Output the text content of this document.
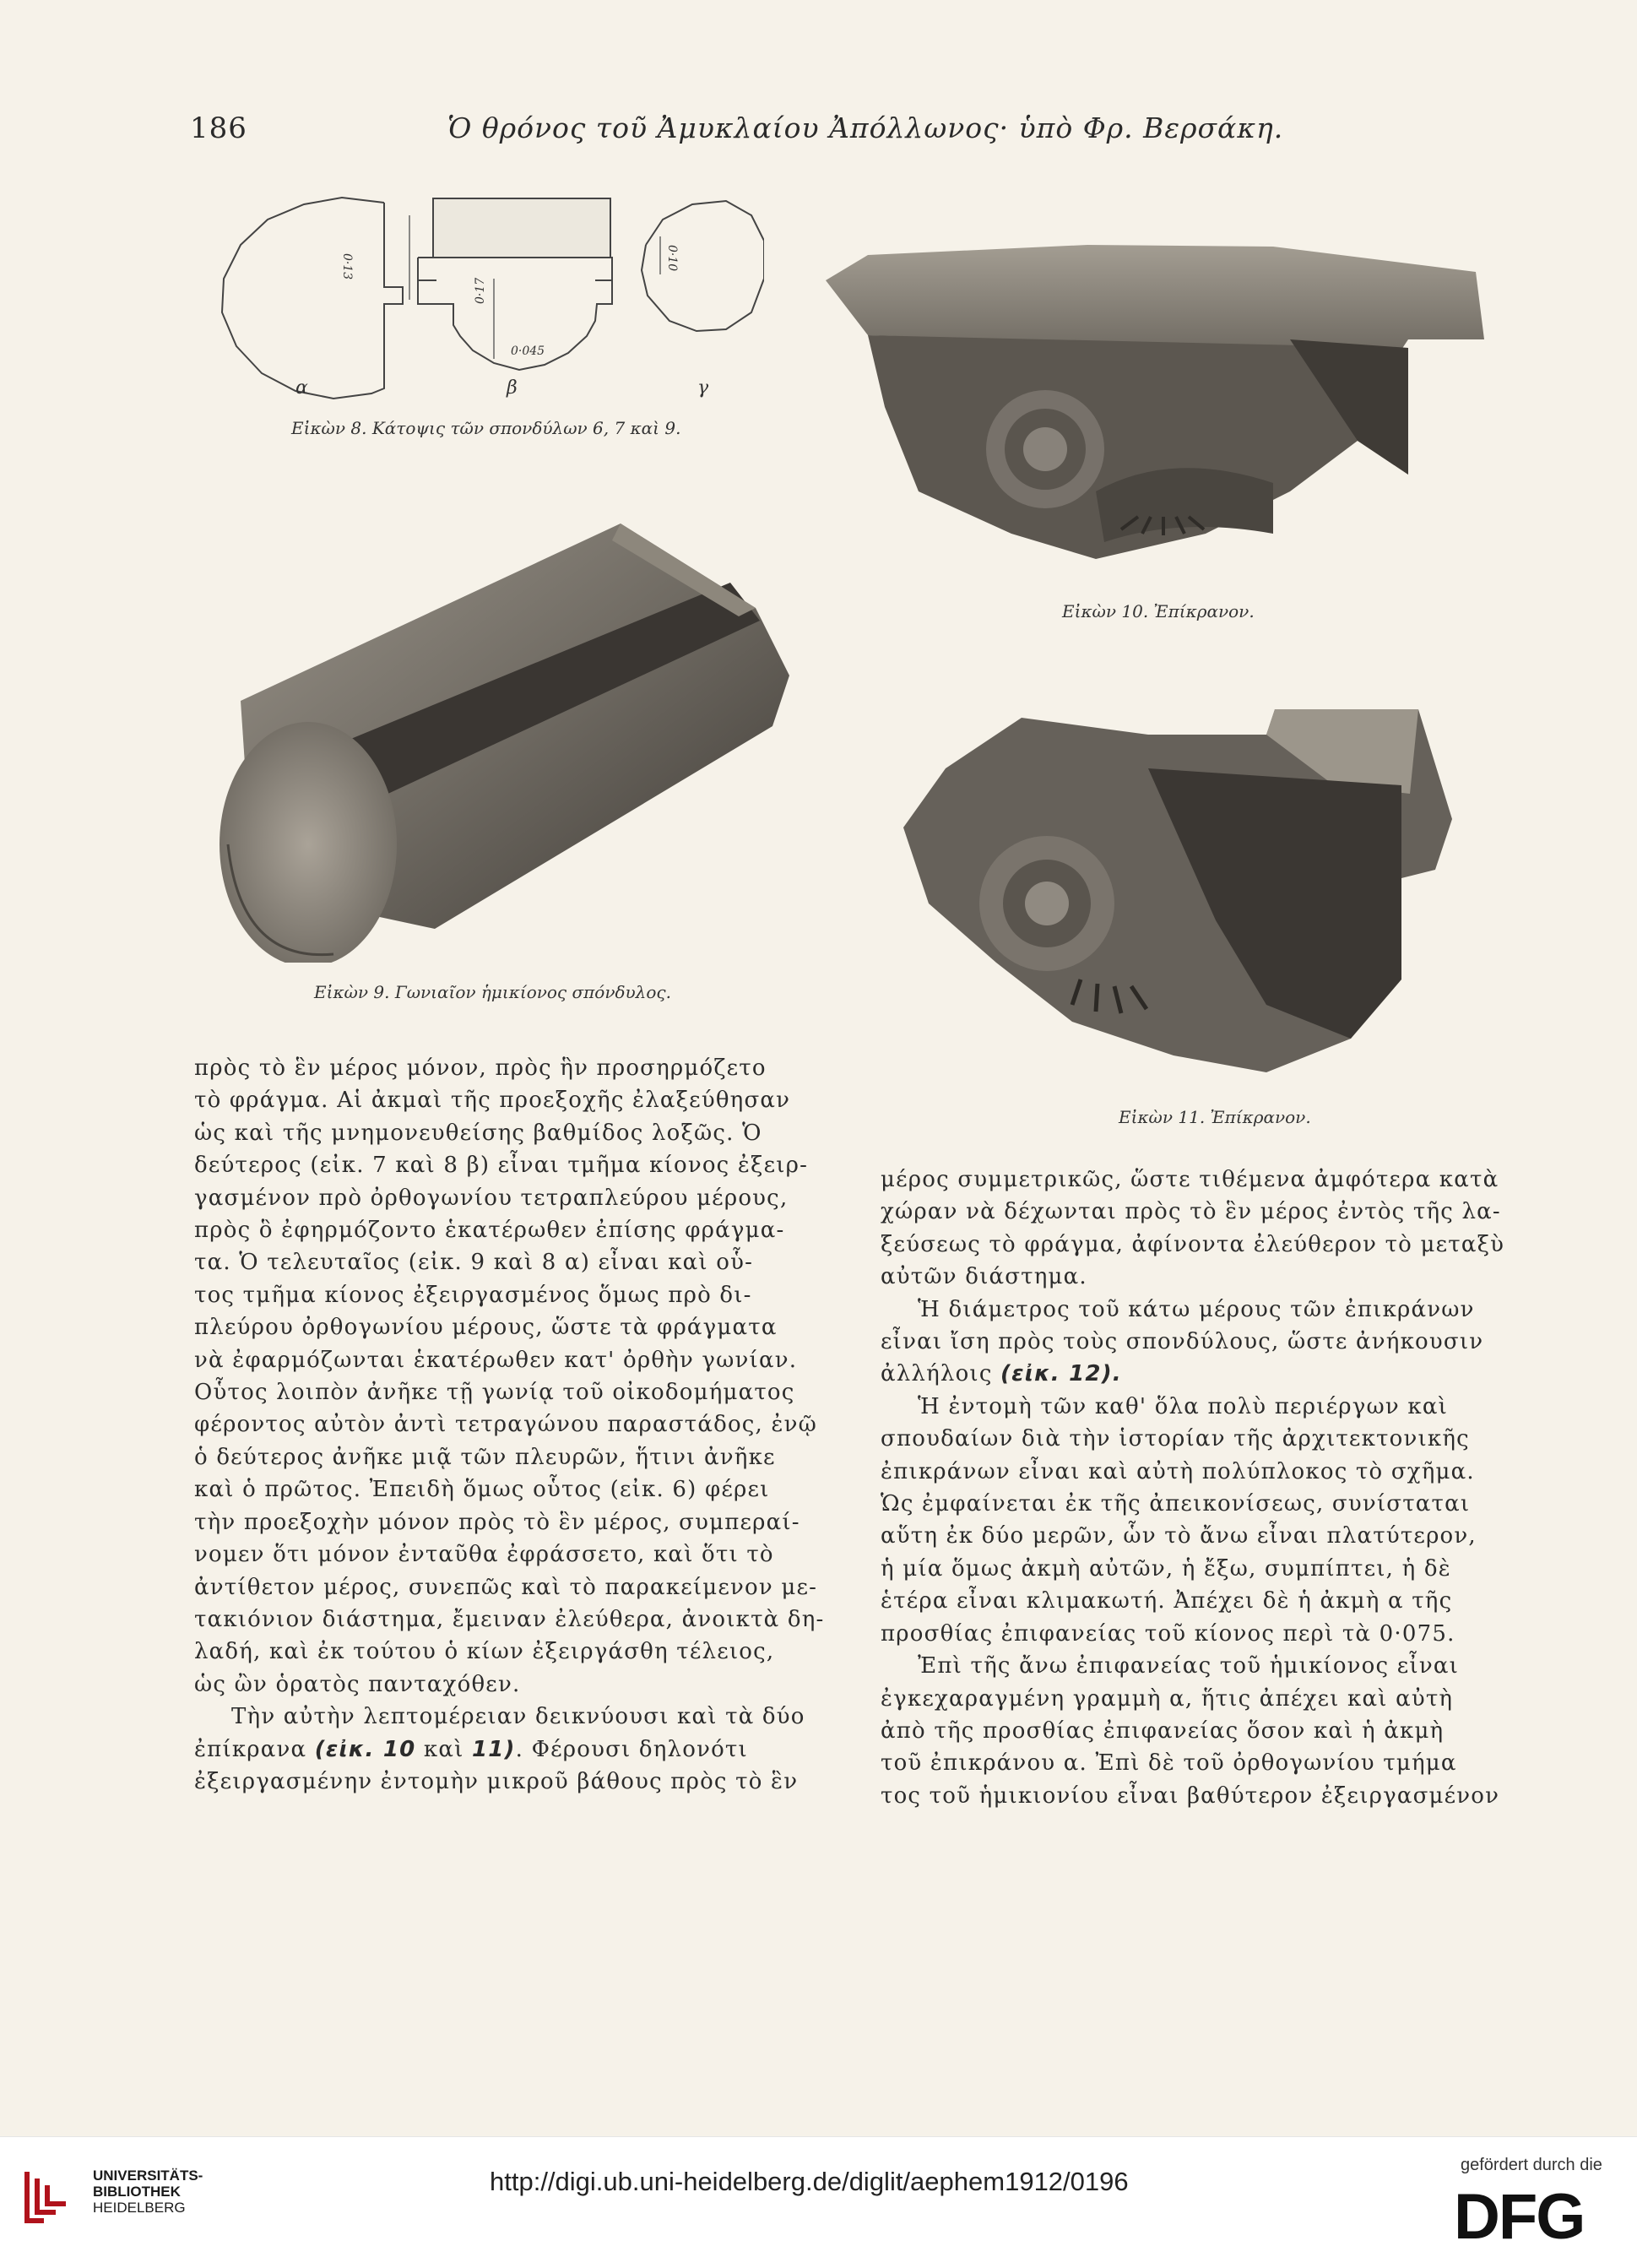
186	Ὁ θρόνος τοῦ Ἀμυκλαίου Ἀπόλλωνος· ὑπὸ Φρ. Βερσάκη.
0·13
0·17
0·045
0·10
α	β	γ
Εἰκὼν 8. Κάτοψις τῶν σπονδύλων 6, 7 καὶ 9.
Εἰκὼν 9. Γωνιαῖον ἡμικίονος σπόνδυλος.
Εἰκὼν 10. Ἐπίκρανον.
Εἰκὼν 11. Ἐπίκρανον.

πρὸς τὸ ἓν μέρος μόνον, πρὸς ἣν προσηρμόζετο

τὸ φράγμα. Αἱ ἀκμαὶ τῆς προεξοχῆς ἐλαξεύθησαν

ὡς καὶ τῆς μνημονευθείσης βαθμίδος λοξῶς. Ὁ

δεύτερος (εἰκ. 7 καὶ 8 β) εἶναι τμῆμα κίονος ἐξειρ-

γασμένον πρὸ ὀρθογωνίου τετραπλεύρου μέρους,

πρὸς ὃ ἐφηρμόζοντο ἑκατέρωθεν ἐπίσης φράγμα-

τα. Ὁ τελευταῖος (εἰκ. 9 καὶ 8 α) εἶναι καὶ οὗ-

τος τμῆμα κίονος ἐξειργασμένος ὅμως πρὸ δι-

πλεύρου ὀρθογωνίου μέρους, ὥστε τὰ φράγματα

νὰ ἐφαρμόζωνται ἑκατέρωθεν κατ' ὀρθὴν γωνίαν.

Οὗτος λοιπὸν ἀνῆκε τῇ γωνίᾳ τοῦ οἰκοδομήματος

φέροντος αὐτὸν ἀντὶ τετραγώνου παραστάδος, ἐνῷ

ὁ δεύτερος ἀνῆκε μιᾷ τῶν πλευρῶν, ἥτινι ἀνῆκε

καὶ ὁ πρῶτος. Ἐπειδὴ ὅμως οὗτος (εἰκ. 6) φέρει

τὴν προεξοχὴν μόνον πρὸς τὸ ἓν μέρος, συμπεραί-

νομεν ὅτι μόνον ἐνταῦθα ἐφράσσετο, καὶ ὅτι τὸ

ἀντίθετον μέρος, συνεπῶς καὶ τὸ παρακείμενον με-

τακιόνιον διάστημα, ἔμειναν ἐλεύθερα, ἀνοικτὰ δη-

λαδή, καὶ ἐκ τούτου ὁ κίων ἐξειργάσθη τέλειος,

ὡς ὢν ὁρατὸς πανταχόθεν.

Τὴν αὐτὴν λεπτομέρειαν δεικνύουσι καὶ τὰ δύο

ἐπίκρανα (εἰκ. 10 καὶ 11). Φέρουσι δηλονότι

ἐξειργασμένην ἐντομὴν μικροῦ βάθους πρὸς τὸ ἓν

μέρος συμμετρικῶς, ὥστε τιθέμενα ἀμφότερα κατὰ

χώραν νὰ δέχωνται πρὸς τὸ ἓν μέρος ἐντὸς τῆς λα-

ξεύσεως τὸ φράγμα, ἀφίνοντα ἐλεύθερον τὸ μεταξὺ

αὐτῶν διάστημα.

Ἡ διάμετρος τοῦ κάτω μέρους τῶν ἐπικράνων

εἶναι ἴση πρὸς τοὺς σπονδύλους, ὥστε ἀνήκουσιν

ἀλλήλοις (εἰκ. 12).

Ἡ ἐντομὴ τῶν καθ' ὅλα πολὺ περιέργων καὶ

σπουδαίων διὰ τὴν ἱστορίαν τῆς ἀρχιτεκτονικῆς

ἐπικράνων εἶναι καὶ αὐτὴ πολύπλοκος τὸ σχῆμα.

Ὡς ἐμφαίνεται ἐκ τῆς ἀπεικονίσεως, συνίσταται

αὕτη ἐκ δύο μερῶν, ὧν τὸ ἄνω εἶναι πλατύτερον,

ἡ μία ὅμως ἀκμὴ αὐτῶν, ἡ ἔξω, συμπίπτει, ἡ δὲ

ἑτέρα εἶναι κλιμακωτή. Ἀπέχει δὲ ἡ ἀκμὴ α τῆς

προσθίας ἐπιφανείας τοῦ κίονος περὶ τὰ 0·075.

Ἐπὶ τῆς ἄνω ἐπιφανείας τοῦ ἡμικίονος εἶναι

ἐγκεχαραγμένη γραμμὴ α, ἥτις ἀπέχει καὶ αὐτὴ

ἀπὸ τῆς προσθίας ἐπιφανείας ὅσον καὶ ἡ ἀκμὴ

τοῦ ἐπικράνου α. Ἐπὶ δὲ τοῦ ὀρθογωνίου τμήμα

τος τοῦ ἡμικιονίου εἶναι βαθύτερον ἐξειργασμένον

UNIVERSITÄTS-
BIBLIOTHEK
HEIDELBERG
http://digi.ub.uni-heidelberg.de/diglit/aephem1912/0196
gefördert durch die
DFG
